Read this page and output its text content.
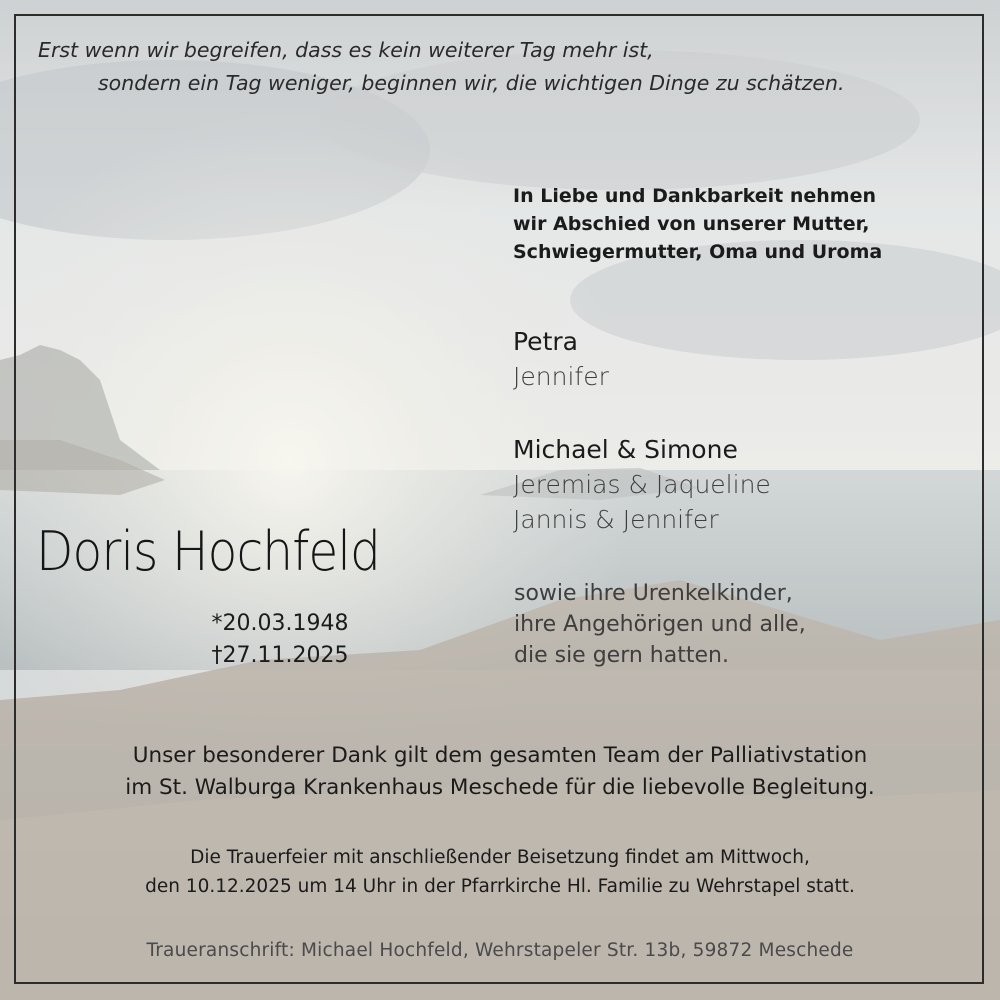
Erst wenn wir begreifen, dass es kein weiterer Tag mehr ist,
sondern ein Tag weniger, beginnen wir, die wichtigen Dinge zu schätzen.
In Liebe und Dankbarkeit nehmen
wir Abschied von unserer Mutter,
Schwiegermutter, Oma und Uroma
Petra
Jennifer
Michael & Simone
Jeremias & Jaqueline
Jannis & Jennifer
sowie ihre Urenkelkinder,
ihre Angehörigen und alle,
die sie gern hatten.
Doris Hochfeld
*20.03.1948
†27.11.2025
Unser besonderer Dank gilt dem gesamten Team der Palliativstation
im St. Walburga Krankenhaus Meschede für die liebevolle Begleitung.
Die Trauerfeier mit anschließender Beisetzung findet am Mittwoch,
den 10.12.2025 um 14 Uhr in der Pfarrkirche Hl. Familie zu Wehrstapel statt.
Traueranschrift: Michael Hochfeld, Wehrstapeler Str. 13b, 59872 Meschede
